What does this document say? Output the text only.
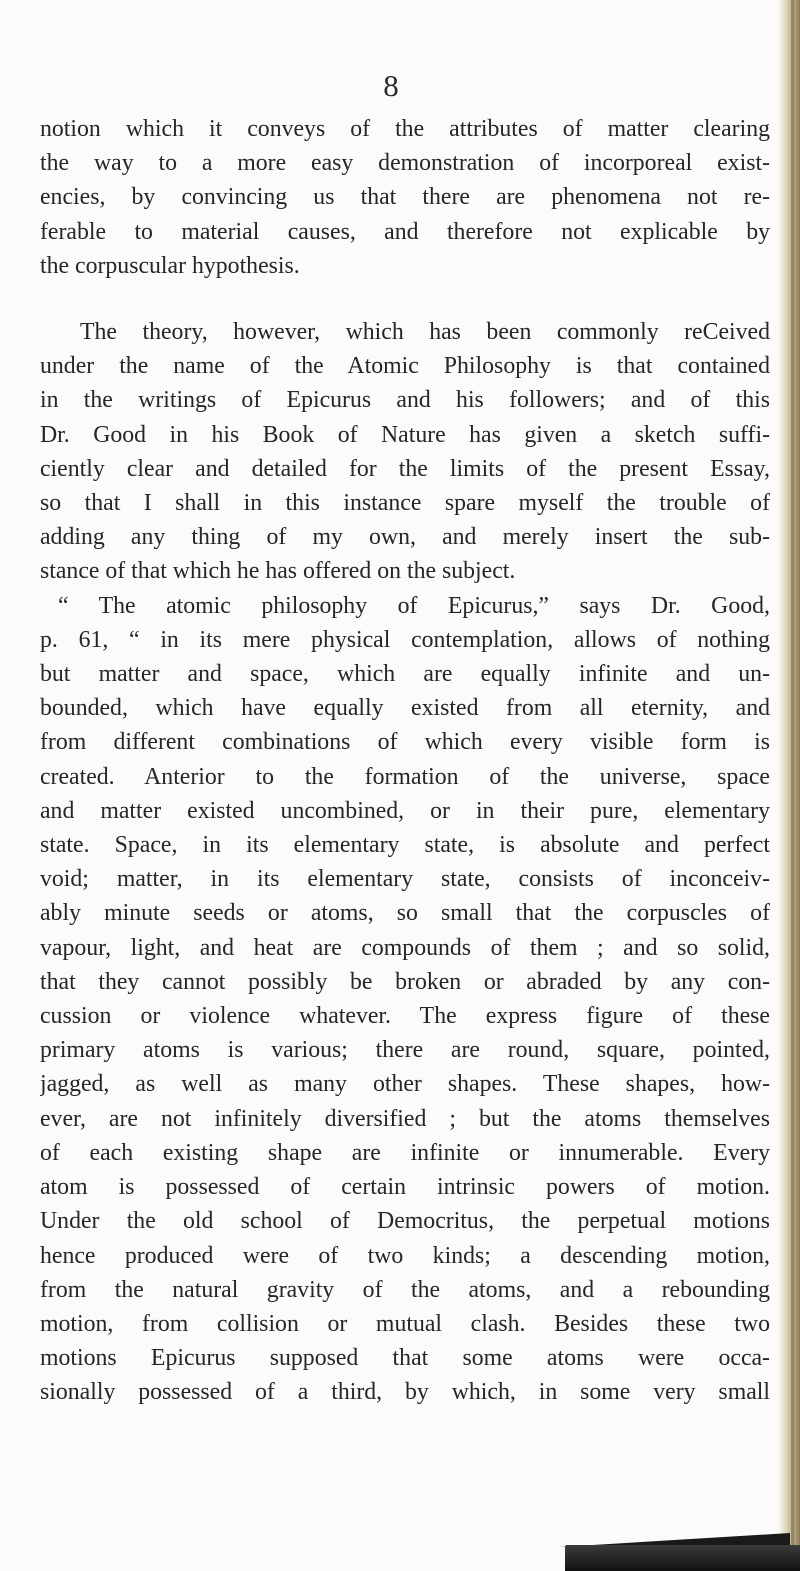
8
notion which it conveys of the attributes of matter clearing
the way to a more easy demonstration of incorporeal exist-
encies, by convincing us that there are phenomena not re-
ferable to material causes, and therefore not explicable by
the corpuscular hypothesis.
The theory, however, which has been commonly reCeived
under the name of the Atomic Philosophy is that contained
in the writings of Epicurus and his followers; and of this
Dr. Good in his Book of Nature has given a sketch suffi-
ciently clear and detailed for the limits of the present Essay,
so that I shall in this instance spare myself the trouble of
adding any thing of my own, and merely insert the sub-
stance of that which he has offered on the subject.
“ The atomic philosophy of Epicurus,” says Dr. Good,
p. 61, “ in its mere physical contemplation, allows of nothing
but matter and space, which are equally infinite and un-
bounded, which have equally existed from all eternity, and
from different combinations of which every visible form is
created. Anterior to the formation of the universe, space
and matter existed uncombined, or in their pure, elementary
state. Space, in its elementary state, is absolute and perfect
void; matter, in its elementary state, consists of inconceiv-
ably minute seeds or atoms, so small that the corpuscles of
vapour, light, and heat are compounds of them ; and so solid,
that they cannot possibly be broken or abraded by any con-
cussion or violence whatever. The express figure of these
primary atoms is various; there are round, square, pointed,
jagged, as well as many other shapes. These shapes, how-
ever, are not infinitely diversified ; but the atoms themselves
of each existing shape are infinite or innumerable. Every
atom is possessed of certain intrinsic powers of motion.
Under the old school of Democritus, the perpetual motions
hence produced were of two kinds; a descending motion,
from the natural gravity of the atoms, and a rebounding
motion, from collision or mutual clash. Besides these two
motions Epicurus supposed that some atoms were occa-
sionally possessed of a third, by which, in some very small
